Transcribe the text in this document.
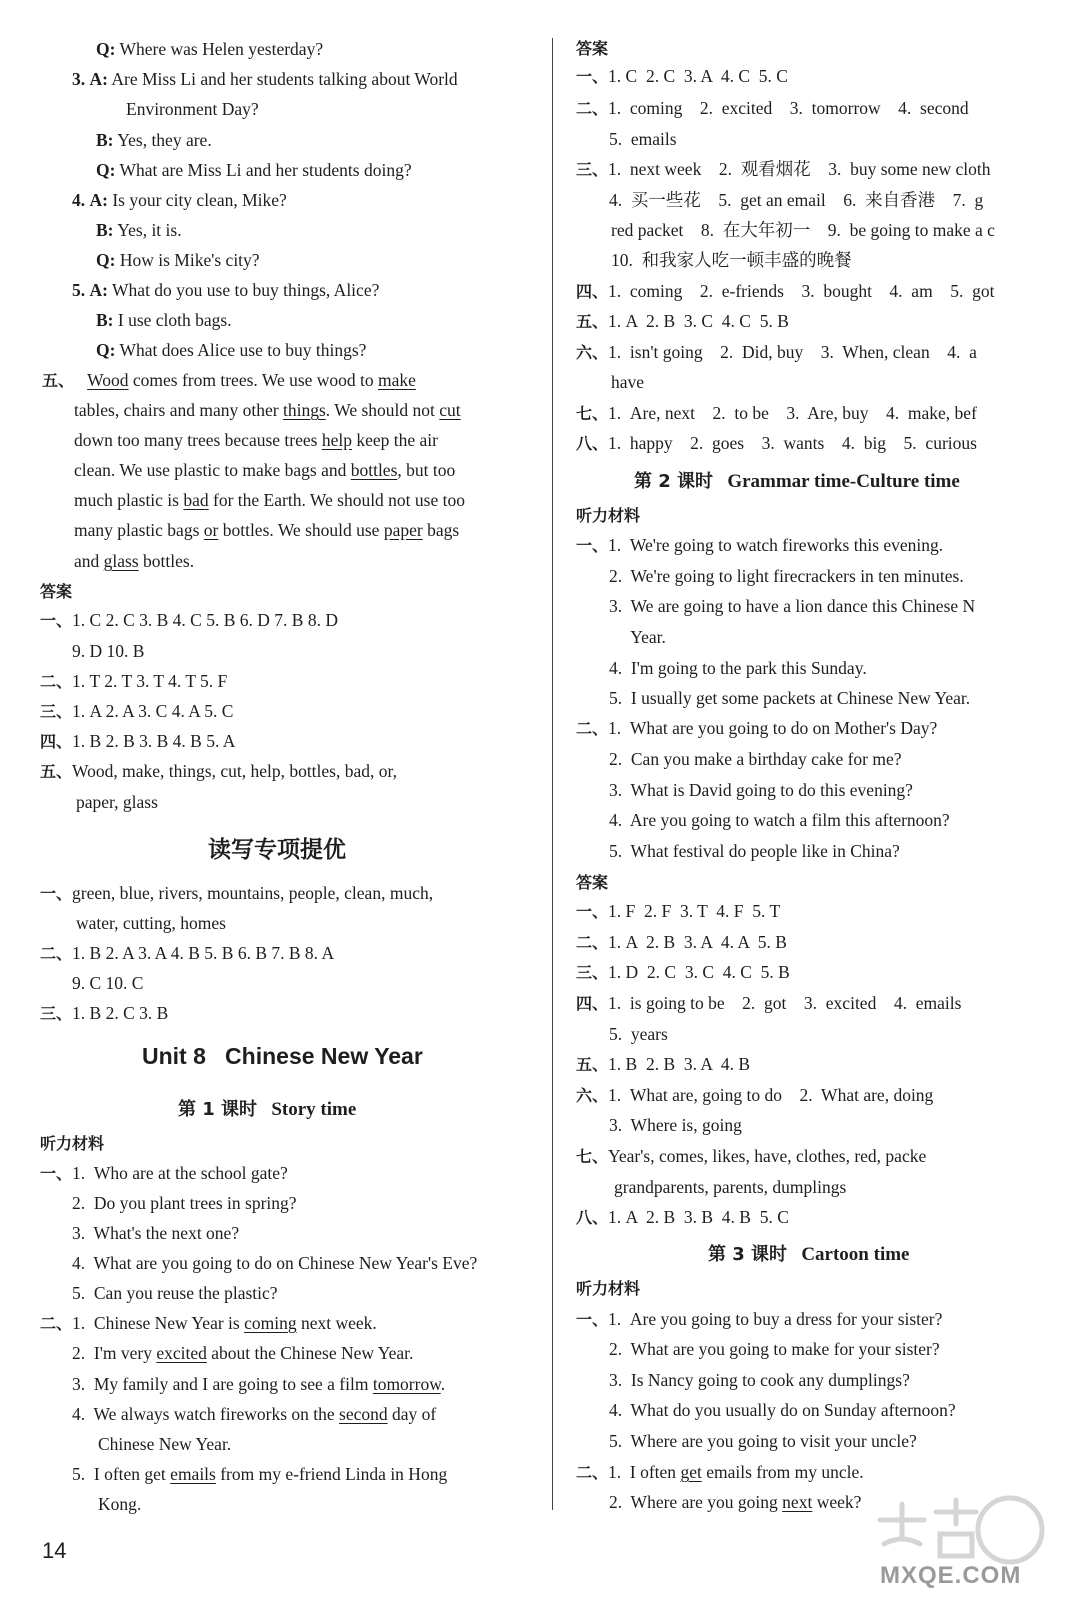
Q: Where was Helen yesterday?
3. A: Are Miss Li and her students talking about World
Environment Day?
B: Yes, they are.
Q: What are Miss Li and her students doing?
4. A: Is your city clean, Mike?
B: Yes, it is.
Q: How is Mike's city?
5. A: What do you use to buy things, Alice?
B: I use cloth bags.
Q: What does Alice use to buy things?
五、 Wood comes from trees. We use wood to make
tables, chairs and many other things. We should not cut
down too many trees because trees help keep the air
clean. We use plastic to make bags and bottles, but too
much plastic is bad for the Earth. We should not use too
many plastic bags or bottles. We should use paper bags
and glass bottles.
答案
一、1. C 2. C 3. B 4. C 5. B 6. D 7. B 8. D
9. D 10. B
二、1. T 2. T 3. T 4. T 5. F
三、1. A 2. A 3. C 4. A 5. C
四、1. B 2. B 3. B 4. B 5. A
五、Wood, make, things, cut, help, bottles, bad, or,
paper, glass
读写专项提优
一、green, blue, rivers, mountains, people, clean, much,
water, cutting, homes
二、1. B 2. A 3. A 4. B 5. B 6. B 7. B 8. A
9. C 10. C
三、1. B 2. C 3. B
Unit 8   Chinese New Year
第 1 课时 Story time
听力材料
一、1.  Who are at the school gate?
2.  Do you plant trees in spring?
3.  What's the next one?
4.  What are you going to do on Chinese New Year's Eve?
5.  Can you reuse the plastic?
二、1.  Chinese New Year is coming next week.
2.  I'm very excited about the Chinese New Year.
3.  My family and I are going to see a film tomorrow.
4.  We always watch fireworks on the second day of
Chinese New Year.
5.  I often get emails from my e-friend Linda in Hong
Kong.
答案
一、1. C  2. C  3. A  4. C  5. C
二、1.  coming    2.  excited    3.  tomorrow    4.  second
5.  emails
三、1.  next week    2.  观看烟花    3.  buy some new cloth
4.  买一些花    5.  get an email    6.  来自香港    7.  g
red packet    8.  在大年初一    9.  be going to make a c
10.  和我家人吃一顿丰盛的晚餐
四、1.  coming    2.  e-friends    3.  bought    4.  am    5.  got
五、1. A  2. B  3. C  4. C  5. B
六、1.  isn't going    2.  Did, buy    3.  When, clean    4.  a
have
七、1.  Are, next    2.  to be    3.  Are, buy    4.  make, bef
八、1.  happy    2.  goes    3.  wants    4.  big    5.  curious
第 2 课时 Grammar time-Culture time
听力材料
一、1.  We're going to watch fireworks this evening.
2.  We're going to light firecrackers in ten minutes.
3.  We are going to have a lion dance this Chinese N
Year.
4.  I'm going to the park this Sunday.
5.  I usually get some packets at Chinese New Year.
二、1.  What are you going to do on Mother's Day?
2.  Can you make a birthday cake for me?
3.  What is David going to do this evening?
4.  Are you going to watch a film this afternoon?
5.  What festival do people like in China?
答案
一、1. F  2. F  3. T  4. F  5. T
二、1. A  2. B  3. A  4. A  5. B
三、1. D  2. C  3. C  4. C  5. B
四、1.  is going to be    2.  got    3.  excited    4.  emails
5.  years
五、1. B  2. B  3. A  4. B
六、1.  What are, going to do    2.  What are, doing
3.  Where is, going
七、Year's, comes, likes, have, clothes, red, packe
grandparents, parents, dumplings
八、1. A  2. B  3. B  4. B  5. C
第 3 课时 Cartoon time
听力材料
一、1.  Are you going to buy a dress for your sister?
2.  What are you going to make for your sister?
3.  Is Nancy going to cook any dumplings?
4.  What do you usually do on Sunday afternoon?
5.  Where are you going to visit your uncle?
二、1.  I often get emails from my uncle.
2.  Where are you going next week?
14
MXQE.COM
